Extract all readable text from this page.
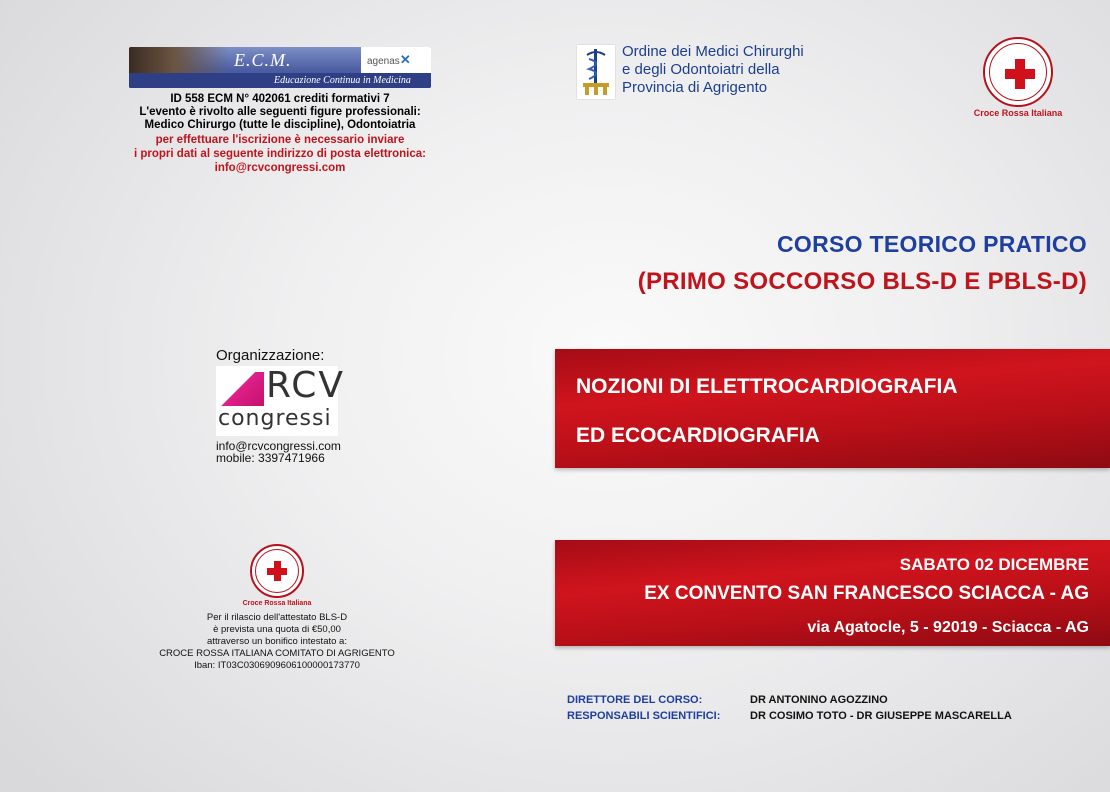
E.C.M.	agenas✕
Educazione Continua in Medicina
ID 558 ECM N° 402061 crediti formativi 7
L'evento è rivolto alle seguenti figure professionali:
Medico Chirurgo (tutte le discipline), Odontoiatria
per effettuare l'iscrizione è necessario inviare
i propri dati al seguente indirizzo di posta elettronica:
info@rcvcongressi.com
Ordine dei Medici Chirurghi
e degli Odontoiatri della
Provincia di Agrigento
Croce Rossa Italiana
CORSO TEORICO PRATICO
(PRIMO SOCCORSO BLS-D E PBLS-D)
NOZIONI DI ELETTROCARDIOGRAFIA
ED ECOCARDIOGRAFIA
SABATO 02 DICEMBRE
EX CONVENTO SAN FRANCESCO SCIACCA - AG
via Agatocle, 5 - 92019 - Sciacca - AG
Organizzazione:
RCV
congressi
info@rcvcongressi.com
mobile: 3397471966
Croce Rossa Italiana
Per il rilascio dell'attestato BLS-D
è prevista una quota di €50,00
attraverso un bonifico intestato a:
CROCE ROSSA ITALIANA COMITATO DI AGRIGENTO
Iban: IT03C0306909606100000173770
DIRETTORE DEL CORSO:	DR ANTONINO AGOZZINO
RESPONSABILI SCIENTIFICI:	DR COSIMO TOTO - DR GIUSEPPE MASCARELLA
